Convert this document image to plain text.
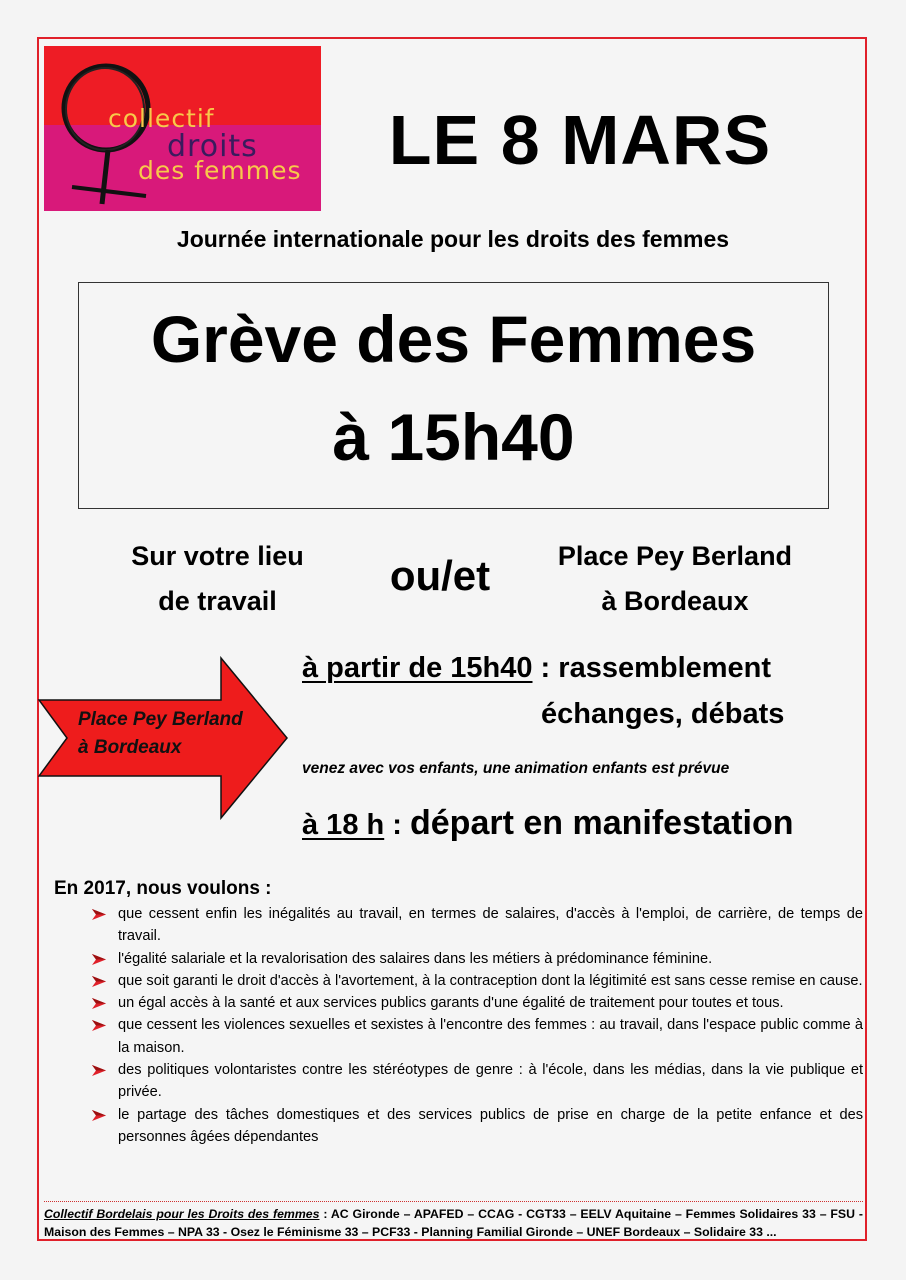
collectif
droits
des femmes	LE 8 MARS
Journée internationale pour les droits des femmes
Grève des Femmes
à 15h40
Sur votre lieu
de travail
ou/et	Place Pey Berland
à Bordeaux
Place Pey Berland
à Bordeaux
à partir de 15h40 : rassemblement
échanges, débats
venez avec vos enfants, une animation enfants est prévue
à 18 h : départ en manifestation
En 2017, nous voulons :
que cessent enfin les inégalités au travail, en termes de salaires, d'accès à l'emploi, de carrière, de temps de travail.
l'égalité salariale et la revalorisation des salaires dans les métiers à prédominance féminine.
que soit garanti le droit d'accès à l'avortement, à la contraception dont la légitimité est sans cesse remise en cause.
un égal accès à la santé et aux services publics garants d'une égalité de traitement pour toutes et tous.
que cessent les violences sexuelles et sexistes à l'encontre des femmes : au travail, dans l'espace public comme à la maison.
des politiques volontaristes contre les stéréotypes de genre : à l'école, dans les médias, dans la vie publique et privée.
le partage des tâches domestiques et des services publics de prise en charge de la petite enfance et des personnes âgées dépendantes
Collectif Bordelais pour les Droits des femmes : AC Gironde – APAFED – CCAG - CGT33 – EELV Aquitaine – Femmes Solidaires 33 – FSU - Maison des Femmes – NPA 33 - Osez le Féminisme 33 – PCF33 - Planning Familial Gironde – UNEF Bordeaux – Solidaire 33 ...
